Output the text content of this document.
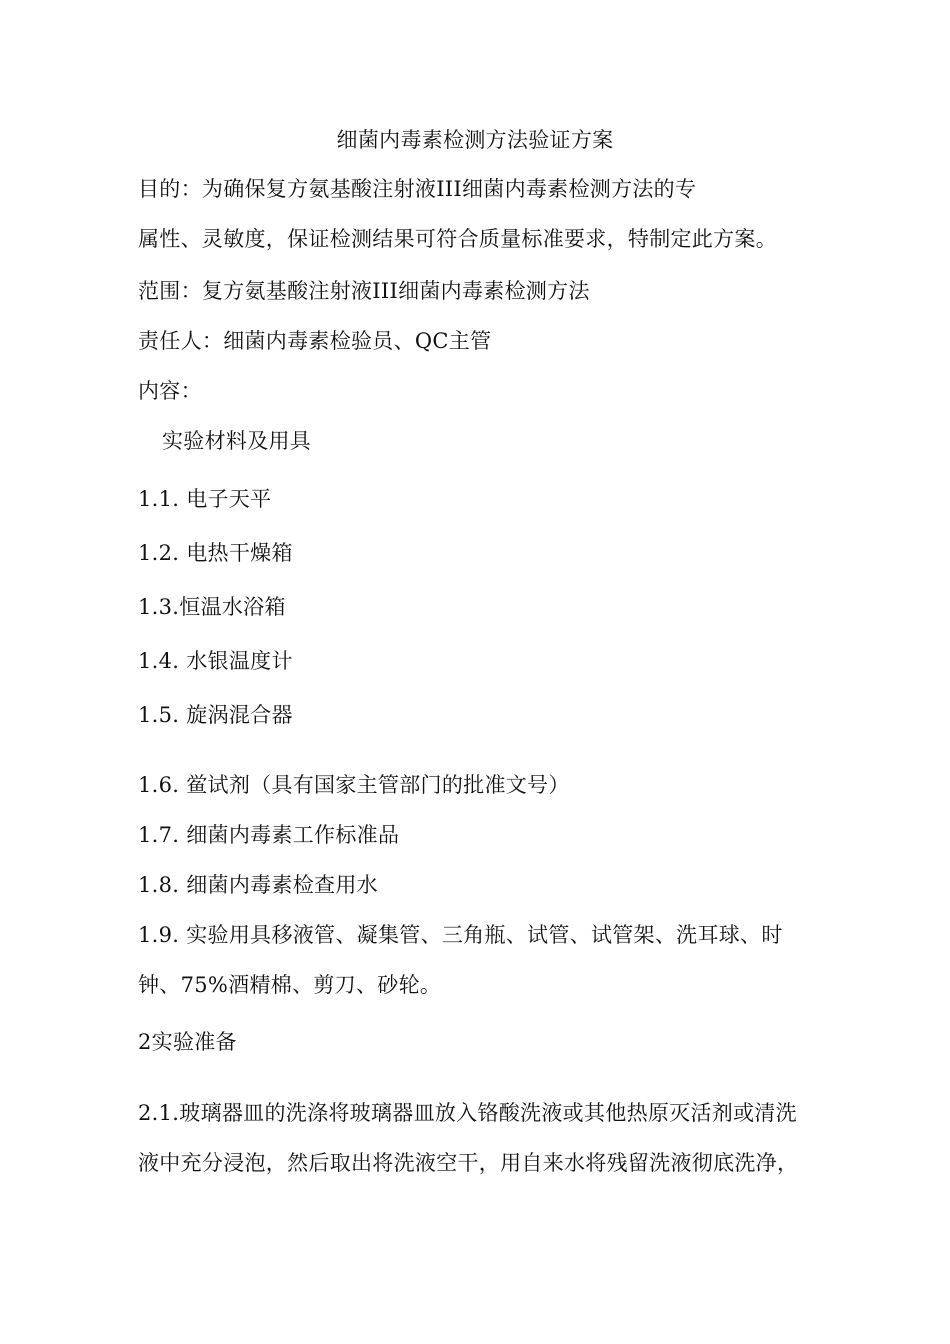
细菌内毒素检测方法验证方案
目的：为确保复方氨基酸注射液III细菌内毒素检测方法的专
属性、灵敏度，保证检测结果可符合质量标准要求，特制定此方案。
范围：复方氨基酸注射液III细菌内毒素检测方法
责任人：细菌内毒素检验员、QC主管
内容：
实验材料及用具
1.1. 电子天平
1.2. 电热干燥箱
1.3.恒温水浴箱
1.4. 水银温度计
1.5. 旋涡混合器
1.6. 鲎试剂（具有国家主管部门的批准文号）
1.7. 细菌内毒素工作标准品
1.8. 细菌内毒素检查用水
1.9. 实验用具移液管、凝集管、三角瓶、试管、试管架、洗耳球、时
钟、75%酒精棉、剪刀、砂轮。
2实验准备
2.1.玻璃器皿的洗涤将玻璃器皿放入铬酸洗液或其他热原灭活剂或清洗
液中充分浸泡，然后取出将洗液空干，用自来水将残留洗液彻底洗净，
